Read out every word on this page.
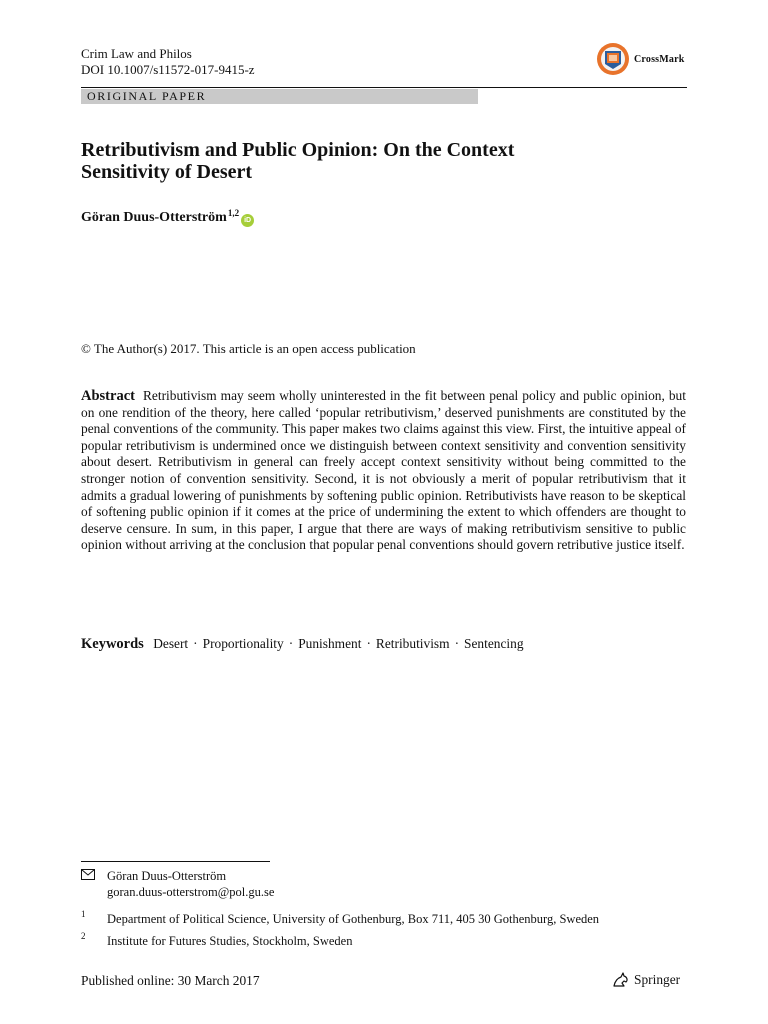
Crim Law and Philos
DOI 10.1007/s11572-017-9415-z
CrossMark
ORIGINAL PAPER
Retributivism and Public Opinion: On the Context
Sensitivity of Desert
Göran Duus-Otterström$^{1,2}$
iD
© The Author(s) 2017. This article is an open access publication

Abstract Retributivism may seem wholly uninterested in the fit between penal policy and public opinion, but on one rendition of the theory, here called ‘popular retributivism,’ deserved punishments are constituted by the penal conventions of the community. This paper makes two claims against this view. First, the intuitive appeal of popular retributivism is undermined once we distinguish between context sensitivity and convention sensitivity about desert. Retributivism in general can freely accept context sensitivity without being committed to the stronger notion of convention sensitivity. Second, it is not obviously a merit of popular retributivism that it admits a gradual lowering of punishments by softening public opinion. Retributivists have reason to be skeptical of softening public opinion if it comes at the price of undermining the extent to which offenders are thought to deserve censure. In sum, in this paper, I argue that there are ways of making retributivism sensitive to public opinion without arriving at the conclusion that popular penal conventions should govern retributive justice itself.

Keywords Desert · Proportionality · Punishment · Retributivism · Sentencing
Göran Duus-Otterström
goran.duus-otterstrom@pol.gu.se
1	Department of Political Science, University of Gothenburg, Box 711, 405 30 Gothenburg, Sweden
2	Institute for Futures Studies, Stockholm, Sweden
Published online: 30 March 2017	Springer
